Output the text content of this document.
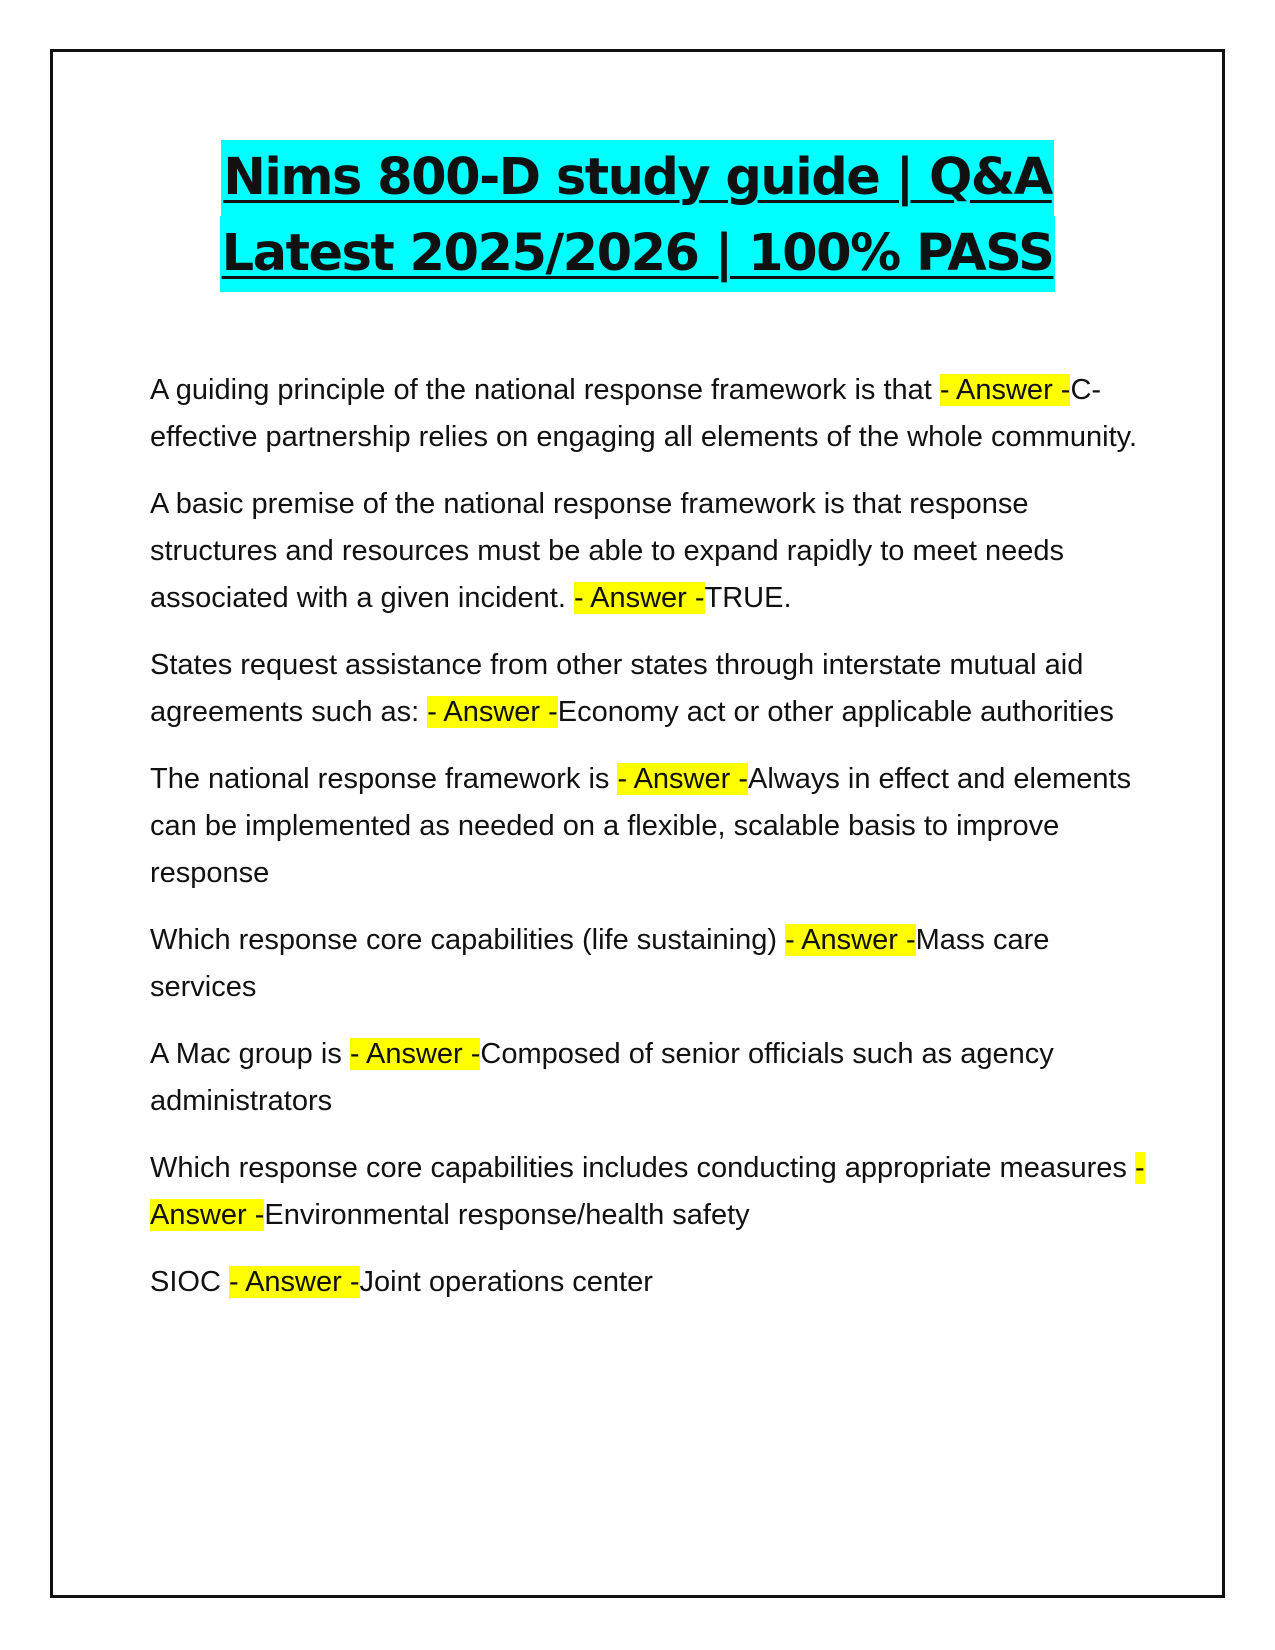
Nims 800-D study guide | Q&A
Latest 2025/2026 | 100% PASS

A guiding principle of the national response framework is that - Answer -C- effective partnership relies on engaging all elements of the whole community.

A basic premise of the national response framework is that response structures and resources must be able to expand rapidly to meet needs associated with a given incident. - Answer -TRUE.

States request assistance from other states through interstate mutual aid agreements such as: - Answer -Economy act or other applicable authorities

The national response framework is - Answer -Always in effect and elements can be implemented as needed on a flexible, scalable basis to improve response

Which response core capabilities (life sustaining) - Answer -Mass care services

A Mac group is - Answer -Composed of senior officials such as agency administrators

Which response core capabilities includes conducting appropriate measures - Answer -Environmental response/health safety

SIOC - Answer -Joint operations center
